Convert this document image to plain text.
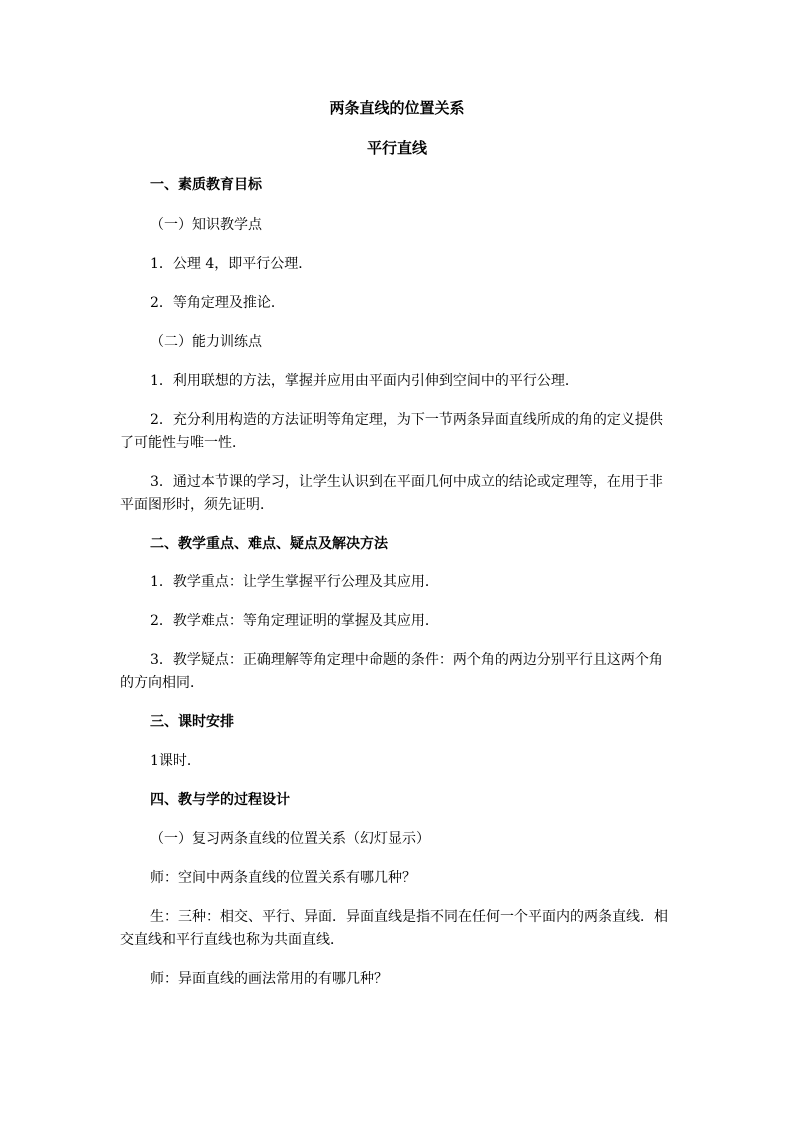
两条直线的位置关系
平行直线
一、素质教育目标
（一）知识教学点
1．公理 4，即平行公理．
2．等角定理及推论．
（二）能力训练点
1．利用联想的方法，掌握并应用由平面内引伸到空间中的平行公理．
2．充分利用构造的方法证明等角定理，为下一节两条异面直线所成的角的定义提供了可能性与唯一性．
3．通过本节课的学习，让学生认识到在平面几何中成立的结论或定理等，在用于非平面图形时，须先证明．
二、教学重点、难点、疑点及解决方法
1．教学重点：让学生掌握平行公理及其应用．
2．教学难点：等角定理证明的掌握及其应用．
3．教学疑点：正确理解等角定理中命题的条件：两个角的两边分别平行且这两个角的方向相同．
三、课时安排
1课时．
四、教与学的过程设计
（一）复习两条直线的位置关系（幻灯显示）
师：空间中两条直线的位置关系有哪几种？
生：三种：相交、平行、异面．异面直线是指不同在任何一个平面内的两条直线．相交直线和平行直线也称为共面直线．
师：异面直线的画法常用的有哪几种？
